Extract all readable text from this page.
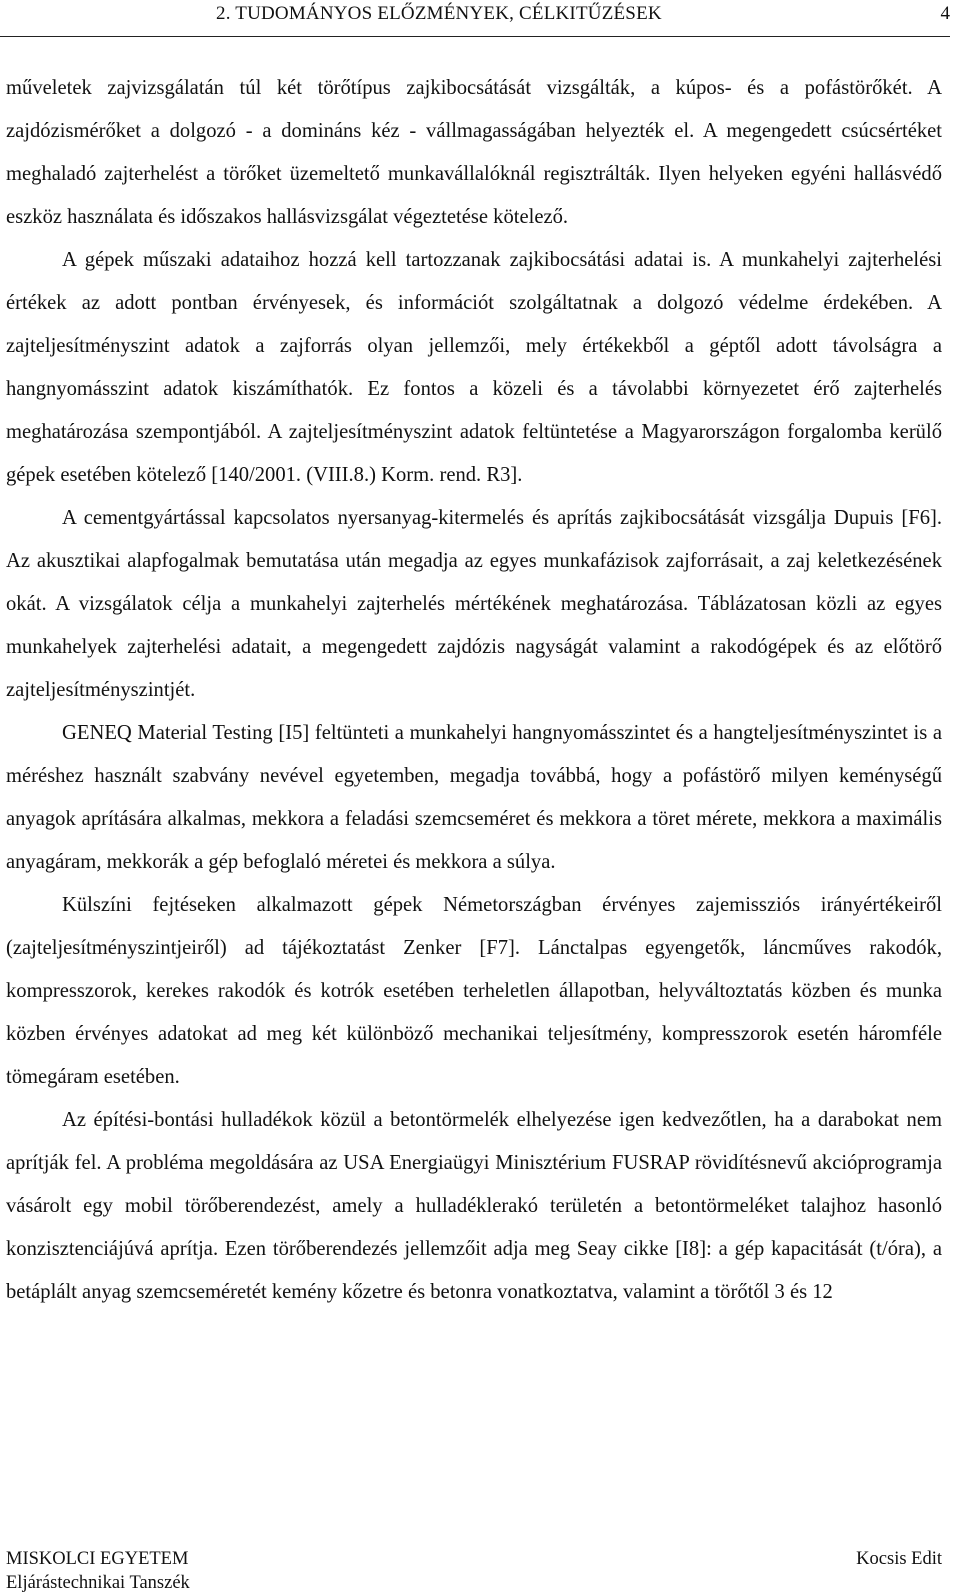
2. TUDOMÁNYOS ELŐZMÉNYEK, CÉLKITŰZÉSEK	4

műveletek zajvizsgálatán túl két törőtípus zajkibocsátását vizsgálták, a kúpos- és a pofástörőkét. A zajdózismérőket a dolgozó - a domináns kéz - vállmagasságában helyezték el. A megengedett csúcsértéket meghaladó zajterhelést a törőket üzemeltető munkavállalóknál regisztrálták. Ilyen helyeken egyéni hallásvédő eszköz használata és időszakos hallásvizsgálat végeztetése kötelező.

A gépek műszaki adataihoz hozzá kell tartozzanak zajkibocsátási adatai is. A munkahelyi zajterhelési értékek az adott pontban érvényesek, és információt szolgáltatnak a dolgozó védelme érdekében. A zajteljesítményszint adatok a zajforrás olyan jellemzői, mely értékekből a géptől adott távolságra a hangnyomásszint adatok kiszámíthatók. Ez fontos a közeli és a távolabbi környezetet érő zajterhelés meghatározása szempontjából. A zajteljesítményszint adatok feltüntetése a Magyarországon forgalomba kerülő gépek esetében kötelező [140/2001. (VIII.8.) Korm. rend. R3].

A cementgyártással kapcsolatos nyersanyag-kitermelés és aprítás zajkibocsátását vizsgálja Dupuis [F6]. Az akusztikai alapfogalmak bemutatása után megadja az egyes munkafázisok zajforrásait, a zaj keletkezésének okát. A vizsgálatok célja a munkahelyi zajterhelés mértékének meghatározása. Táblázatosan közli az egyes munkahelyek zajterhelési adatait, a megengedett zajdózis nagyságát valamint a rakodógépek és az előtörő zajteljesítményszintjét.

GENEQ Material Testing [I5] feltünteti a munkahelyi hangnyomásszintet és a hangteljesítményszintet is a méréshez használt szabvány nevével egyetemben, megadja továbbá, hogy a pofástörő milyen keménységű anyagok aprítására alkalmas, mekkora a feladási szemcseméret és mekkora a töret mérete, mekkora a maximális anyagáram, mekkorák a gép befoglaló méretei és mekkora a súlya.

Külszíni fejtéseken alkalmazott gépek Németországban érvényes zajemissziós irányértékeiről (zajteljesítményszintjeiről) ad tájékoztatást Zenker [F7]. Lánctalpas egyengetők, láncműves rakodók, kompresszorok, kerekes rakodók és kotrók esetében terheletlen állapotban, helyváltoztatás közben és munka közben érvényes adatokat ad meg két különböző mechanikai teljesítmény, kompresszorok esetén háromféle tömegáram esetében.

Az építési-bontási hulladékok közül a betontörmelék elhelyezése igen kedvezőtlen, ha a darabokat nem aprítják fel. A probléma megoldására az USA Energiaügyi Minisztérium FUSRAP rövidítésnevű akcióprogramja vásárolt egy mobil törőberendezést, amely a hulladéklerakó területén a betontörmeléket talajhoz hasonló konzisztenciájúvá aprítja. Ezen törőberendezés jellemzőit adja meg Seay cikke [I8]: a gép kapacitását (t/óra), a betáplált anyag szemcseméretét kemény kőzetre és betonra vonatkoztatva, valamint a törőtől 3 és 12

MISKOLCI EGYETEM
Eljárástechnikai Tanszék
Kocsis Edit
